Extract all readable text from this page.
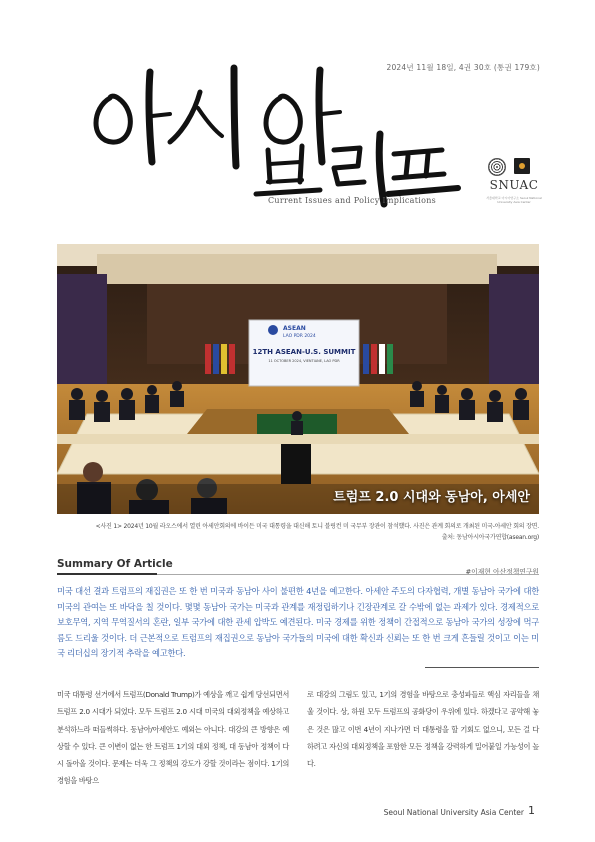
2024년 11월 18일, 4권 30호 (통권 179호)
Current Issues and Policy Implications
SNUAC
서울대학교 아시아연구소 Seoul National University Asia Center
ASEAN
LAO PDR 2024
12TH ASEAN-U.S. SUMMIT
11 OCTOBER 2024, VIENTIANE, LAO PDR
트럼프 2.0 시대와 동남아, 아세안
<사진 1> 2024년 10월 라오스에서 열린 아세안회의에 바이든 미국 대통령을 대신해 토니 블링컨 미 국무부 장관이 참석했다. 사진은 관계 회의로 개최된 미국-아세안 회의 장면.
출처: 동남아시아국가연합(asean.org)
Summary Of Article
#이재현 아산정책연구원
미국 대선 결과 트럼프의 재집권은 또 한 번 미국과 동남아 사이 불편한 4년을 예고한다. 아세안 주도의 다자협력, 개별 동남아 국가에 대한 미국의 관여는 또 바닥을 칠 것이다. 몇몇 동남아 국가는 미국과 관계를 재정립하기나 긴장관계로 갈 수밖에 없는 과제가 있다. 경제적으로 보호무역, 지역 무역질서의 혼란, 일부 국가에 대한 관세 압박도 예견된다. 미국 경제를 위한 정책이 간접적으로 동남아 국가의 성장에 먹구름도 드리울 것이다. 더 근본적으로 트럼프의 재집권으로 동남아 국가들의 미국에 대한 확신과 신뢰는 또 한 번 크게 흔들릴 것이고 이는 미국 리더십의 장기적 추락을 예고한다.
미국 대통령 선거에서 트럼프(Donald Trump)가 예상을 깨고 쉽게 당선되면서 트럼프 2.0 시대가 되었다. 모두 트럼프 2.0 시대 미국의 대외정책을 예상하고 분석하느라 떠들썩하다. 동남아/아세안도 예외는 아니다. 대강의 큰 방향은 예상할 수 있다. 큰 이변이 없는 한 트럼프 1기의 대외 정책, 대 동남아 정책이 다시 돌아올 것이다. 문제는 더욱 그 정책의 강도가 강할 것이라는 점이다. 1기의 경험을 바탕으
로 대강의 그림도 있고, 1기의 경험을 바탕으로 충성파들로 핵심 자리들을 채울 것이다. 상, 하원 모두 트럼프의 공화당이 우위에 있다. 하겠다고 공약해 놓은 것은 많고 이번 4년이 지나가면 더 대통령을 할 기회도 없으니, 모든 걸 다 하려고 자신의 대외정책을 포함한 모든 정책을 강력하게 밀어붙일 가능성이 높다.
Seoul National University Asia Center 1
